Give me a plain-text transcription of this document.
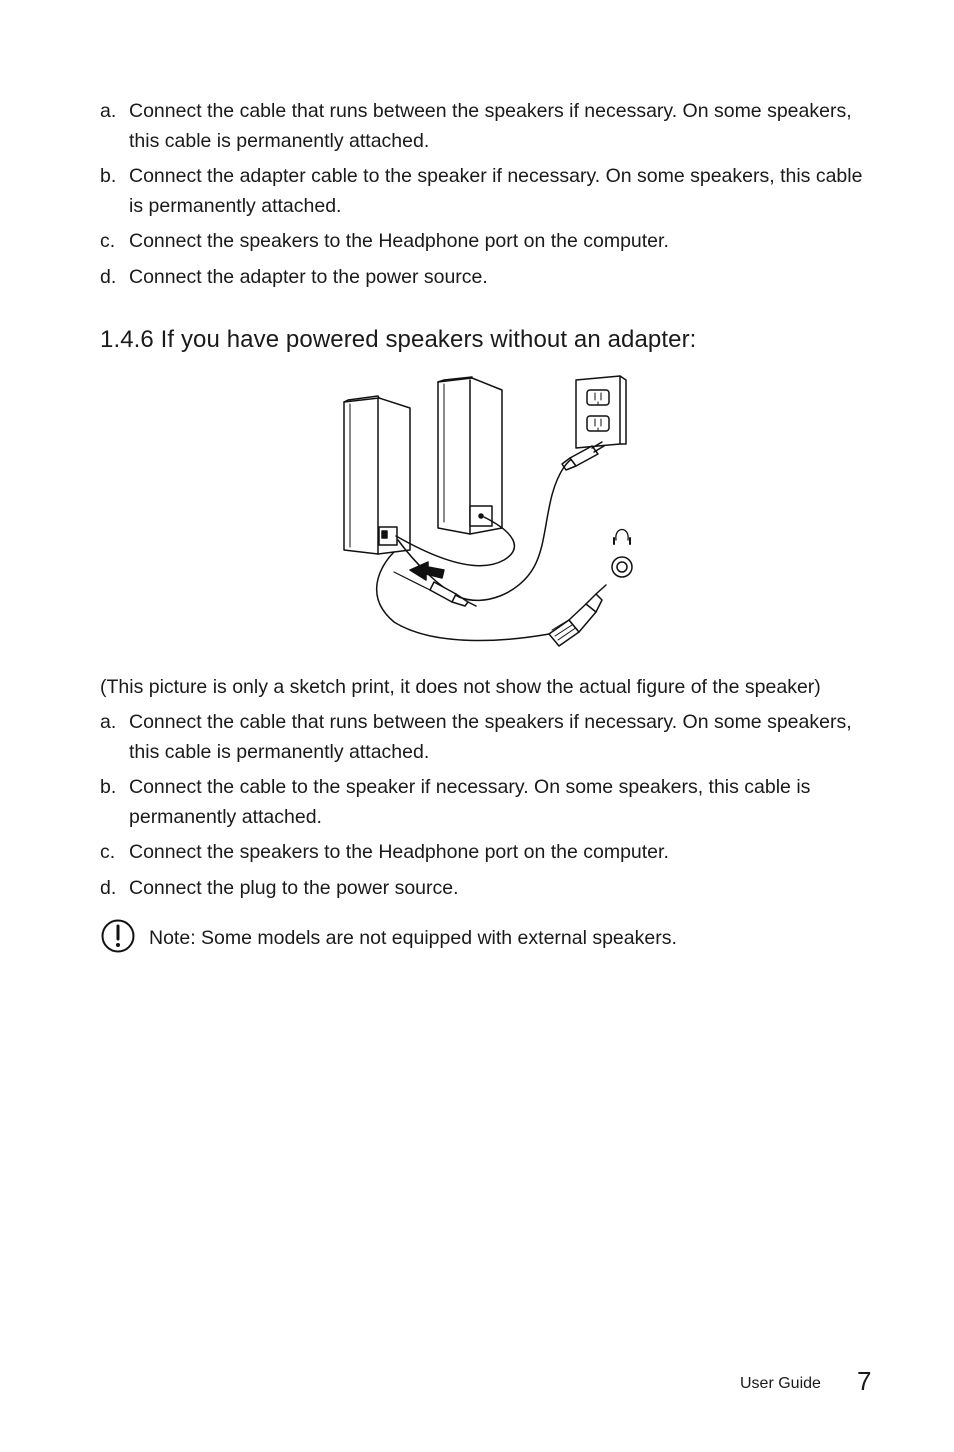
a. Connect the cable that runs between the speakers if necessary. On some speakers, this cable is permanently attached.
b. Connect the adapter cable to the speaker if necessary. On some speakers, this cable is permanently attached.
c. Connect the speakers to the Headphone port on the computer.
d. Connect the adapter to the power source.
1.4.6 If you have powered speakers without an adapter:
(This picture is only a sketch print, it does not show the actual figure of the speaker)
a. Connect the cable that runs between the speakers if necessary. On some speakers, this cable is permanently attached.
b. Connect the cable to the speaker if necessary. On some speakers, this cable is permanently attached.
c. Connect the speakers to the Headphone port on the computer.
d. Connect the plug to the power source.
Note: Some models are not equipped with external speakers.
User Guide 7
